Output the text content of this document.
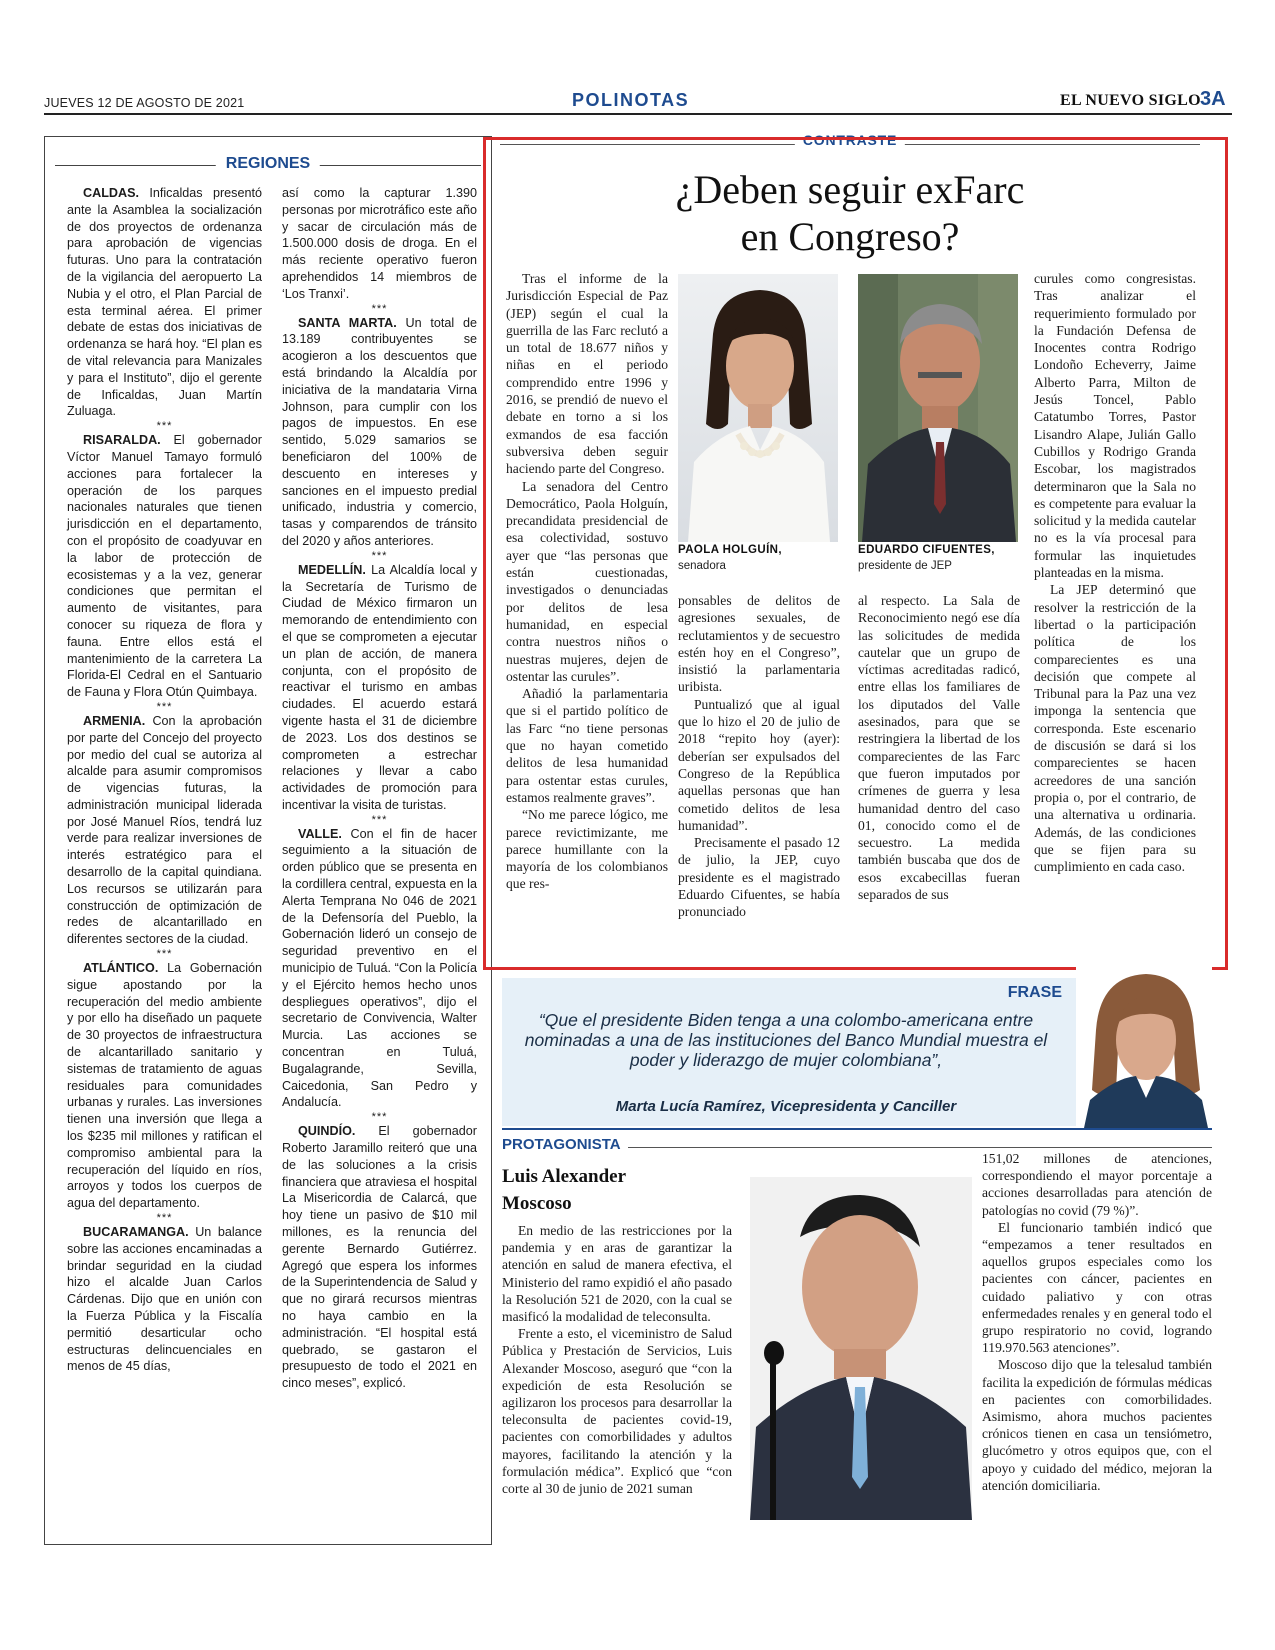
JUEVES 12 DE AGOSTO DE 2021	POLINOTAS	EL NUEVO SIGLO 3A
REGIONES

CALDAS. Inficaldas presentó ante la Asamblea la socialización de dos proyectos de ordenanza para aprobación de vigencias futuras. Uno para la contratación de la vigilancia del aeropuerto La Nubia y el otro, el Plan Parcial de esta terminal aérea. El primer debate de estas dos iniciativas de ordenanza se hará hoy. “El plan es de vital relevancia para Manizales y para el Instituto”, dijo el gerente de Inficaldas, Juan Martín Zuluaga.

***

RISARALDA. El gobernador Víctor Manuel Tamayo formuló acciones para fortalecer la operación de los parques nacionales naturales que tienen jurisdicción en el departamento, con el propósito de coadyuvar en la labor de protección de ecosistemas y a la vez, generar condiciones que permitan el aumento de visitantes, para conocer su riqueza de flora y fauna. Entre ellos está el mantenimiento de la carretera La Florida-El Cedral en el Santuario de Fauna y Flora Otún Quimbaya.

***

ARMENIA. Con la aprobación por parte del Concejo del proyecto por medio del cual se autoriza al alcalde para asumir compromisos de vigencias futuras, la administración municipal liderada por José Manuel Ríos, tendrá luz verde para realizar inversiones de interés estratégico para el desarrollo de la capital quindiana. Los recursos se utilizarán para construcción de optimización de redes de alcantarillado en diferentes sectores de la ciudad.

***

ATLÁNTICO. La Gobernación sigue apostando por la recuperación del medio ambiente y por ello ha diseñado un paquete de 30 proyectos de infraestructura de alcantarillado sanitario y sistemas de tratamiento de aguas residuales para comunidades urbanas y rurales. Las inversiones tienen una inversión que llega a los $235 mil millones y ratifican el compromiso ambiental para la recuperación del líquido en ríos, arroyos y todos los cuerpos de agua del departamento.

***

BUCARAMANGA. Un balance sobre las acciones encaminadas a brindar seguridad en la ciudad hizo el alcalde Juan Carlos Cárdenas. Dijo que en unión con la Fuerza Pública y la Fiscalía permitió desarticular ocho estructuras delincuenciales en menos de 45 días,

así como la capturar 1.390 personas por microtráfico este año y sacar de circulación más de 1.500.000 dosis de droga. En el más reciente operativo fueron aprehendidos 14 miembros de ‘Los Tranxi’.

***

SANTA MARTA. Un total de 13.189 contribuyentes se acogieron a los descuentos que está brindando la Alcaldía por iniciativa de la mandataria Virna Johnson, para cumplir con los pagos de impuestos. En ese sentido, 5.029 samarios se beneficiaron del 100% de descuento en intereses y sanciones en el impuesto predial unificado, industria y comercio, tasas y comparendos de tránsito del 2020 y años anteriores.

***

MEDELLÍN. La Alcaldía local y la Secretaría de Turismo de Ciudad de México firmaron un memorando de entendimiento con el que se comprometen a ejecutar un plan de acción, de manera conjunta, con el propósito de reactivar el turismo en ambas ciudades. El acuerdo estará vigente hasta el 31 de diciembre de 2023. Los dos destinos se comprometen a estrechar relaciones y llevar a cabo actividades de promoción para incentivar la visita de turistas.

***

VALLE. Con el fin de hacer seguimiento a la situación de orden público que se presenta en la cordillera central, expuesta en la Alerta Temprana No 046 de 2021 de la Defensoría del Pueblo, la Gobernación lideró un consejo de seguridad preventivo en el municipio de Tuluá. “Con la Policía y el Ejército hemos hecho unos despliegues operativos”, dijo el secretario de Convivencia, Walter Murcia. Las acciones se concentran en Tuluá, Bugalagrande, Sevilla, Caicedonia, San Pedro y Andalucía.

***

QUINDÍO. El gobernador Roberto Jaramillo reiteró que una de las soluciones a la crisis financiera que atraviesa el hospital La Misericordia de Calarcá, que hoy tiene un pasivo de $10 mil millones, es la renuncia del gerente Bernardo Gutiérrez. Agregó que espera los informes de la Superintendencia de Salud y que no girará recursos mientras no haya cambio en la administración. “El hospital está quebrado, se gastaron el presupuesto de todo el 2021 en cinco meses”, explicó.

CONTRASTE
¿Deben seguir exFarc
en Congreso?

Tras el informe de la Jurisdicción Especial de Paz (JEP) según el cual la guerrilla de las Farc reclutó a un total de 18.677 niños y niñas en el periodo comprendido entre 1996 y 2016, se prendió de nuevo el debate en torno a si los exmandos de esa facción subversiva deben seguir haciendo parte del Congreso.

La senadora del Centro Democrático, Paola Holguín, precandidata presidencial de esa colectividad, sostuvo ayer que “las personas que están cuestionadas, investigados o denunciadas por delitos de lesa humanidad, en especial contra nuestros niños o nuestras mujeres, dejen de ostentar las curules”.

Añadió la parlamentaria que si el partido político de las Farc “no tiene personas que no hayan cometido delitos de lesa humanidad para ostentar estas curules, estamos realmente graves”.

“No me parece lógico, me parece revictimizante, me parece humillante con la mayoría de los colombianos que res-

PAOLA HOLGUÍN,
senadora
EDUARDO CIFUENTES,
presidente de JEP

ponsables de delitos de agresiones sexuales, de reclutamientos y de secuestro estén hoy en el Congreso”, insistió la parlamentaria uribista.

Puntualizó que al igual que lo hizo el 20 de julio de 2018 “repito hoy (ayer): deberían ser expulsados del Congreso de la República aquellas personas que han cometido delitos de lesa humanidad”.

Precisamente el pasado 12 de julio, la JEP, cuyo presidente es el magistrado Eduardo Cifuentes, se había pronunciado

al respecto. La Sala de Reconocimiento negó ese día las solicitudes de medida cautelar que un grupo de víctimas acreditadas radicó, entre ellas los familiares de los diputados del Valle asesinados, para que se restringiera la libertad de los comparecientes de las Farc que fueron imputados por crímenes de guerra y lesa humanidad dentro del caso 01, conocido como el de secuestro. La medida también buscaba que dos de esos excabecillas fueran separados de sus

curules como congresistas. Tras analizar el requerimiento formulado por la Fundación Defensa de Inocentes contra Rodrigo Londoño Echeverry, Jaime Alberto Parra, Milton de Jesús Toncel, Pablo Catatumbo Torres, Pastor Lisandro Alape, Julián Gallo Cubillos y Rodrigo Granda Escobar, los magistrados determinaron que la Sala no es competente para evaluar la solicitud y la medida cautelar no es la vía procesal para formular las inquietudes planteadas en la misma.

La JEP determinó que resolver la restricción de la libertad o la participación política de los comparecientes es una decisión que compete al Tribunal para la Paz una vez imponga la sentencia que corresponda. Este escenario de discusión se dará si los comparecientes se hacen acreedores de una sanción propia o, por el contrario, de una alternativa u ordinaria. Además, de las condiciones que se fijen para su cumplimiento en cada caso.

FRASE
“Que el presidente Biden tenga a una colombo-americana entre nominadas a una de las instituciones del Banco Mundial muestra el poder y liderazgo de mujer colombiana”,
Marta Lucía Ramírez, Vicepresidenta y Canciller
PROTAGONISTA
Luis Alexander
Moscoso

En medio de las restricciones por la pandemia y en aras de garantizar la atención en salud de manera efectiva, el Ministerio del ramo expidió el año pasado la Resolución 521 de 2020, con la cual se masificó la modalidad de teleconsulta.

Frente a esto, el viceministro de Salud Pública y Prestación de Servicios, Luis Alexander Moscoso, aseguró que “con la expedición de esta Resolución se agilizaron los procesos para desarrollar la teleconsulta de pacientes covid-19, pacientes con comorbilidades y adultos mayores, facilitando la atención y la formulación médica”. Explicó que “con corte al 30 de junio de 2021 suman

151,02 millones de atenciones, correspondiendo el mayor porcentaje a acciones desarrolladas para atención de patologías no covid (79 %)”.

El funcionario también indicó que “empezamos a tener resultados en aquellos grupos especiales como los pacientes con cáncer, pacientes en cuidado paliativo y con otras enfermedades renales y en general todo el grupo respiratorio no covid, logrando 119.970.563 atenciones”.

Moscoso dijo que la telesalud también facilita la expedición de fórmulas médicas en pacientes con comorbilidades. Asimismo, ahora muchos pacientes crónicos tienen en casa un tensiómetro, glucómetro y otros equipos que, con el apoyo y cuidado del médico, mejoran la atención domiciliaria.
